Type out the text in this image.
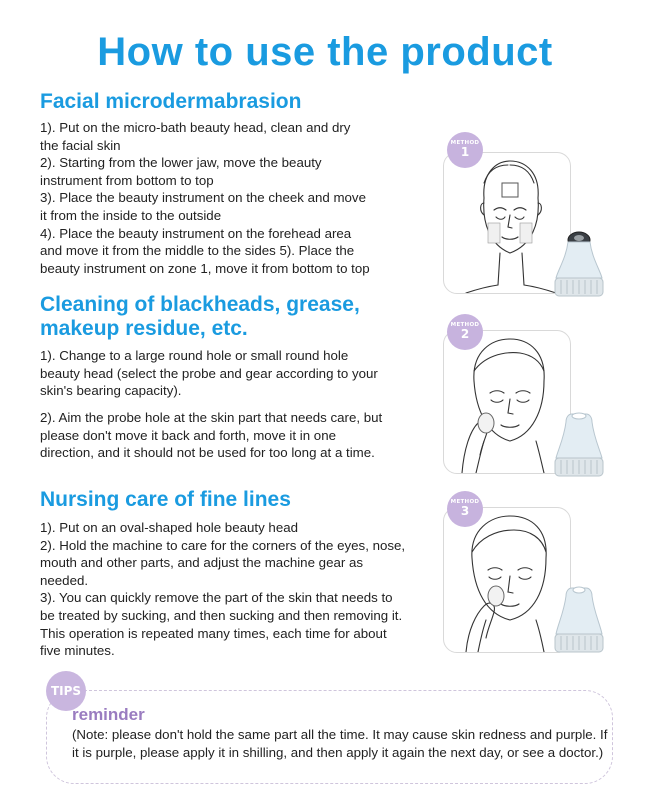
How to use the product
Facial microdermabrasion
1). Put on the micro-bath beauty head, clean and dry the facial skin
2). Starting from the lower jaw, move the beauty instrument from bottom to top
3). Place the beauty instrument on the cheek and move it from the inside to the outside
4). Place the beauty instrument on the forehead area and move it from the middle to the sides 5). Place the beauty instrument on zone 1, move it from bottom to top
Cleaning of blackheads, grease, makeup residue, etc.
1). Change to a large round hole or small round hole beauty head (select the probe and gear according to your skin's bearing capacity).
2). Aim the probe hole at the skin part that needs care, but please don't move it back and forth, move it in one direction, and it should not be used for too long at a time.
Nursing care of fine lines
1). Put on an oval-shaped hole beauty head
2). Hold the machine to care for the corners of the eyes, nose, mouth and other parts, and adjust the machine gear as needed.
3). You can quickly remove the part of the skin that needs to be treated by sucking, and then sucking and then removing it. This operation is repeated many times, each time for about five minutes.
METHOD
1
METHOD
2
METHOD
3
TIPS
reminder
(Note: please don't hold the same part all the time. It may cause skin redness and purple. If it is purple, please apply it in shilling, and then apply it again the next day, or see a doctor.)
